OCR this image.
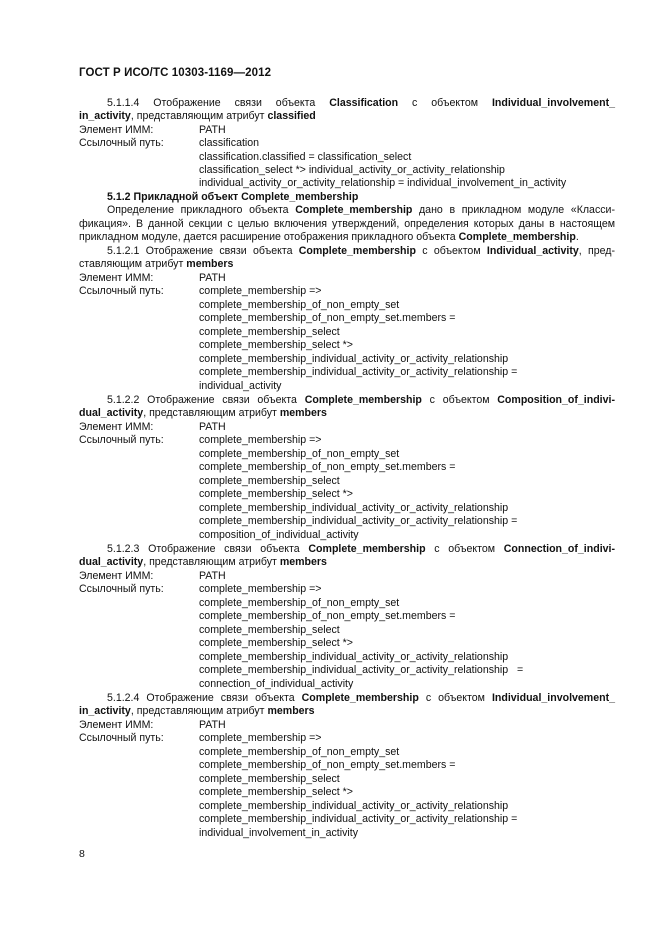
ГОСТ Р ИСО/ТС 10303-1169—2012
5.1.1.4 Отображение связи объекта Classification с объектом Individual_involvement_
in_activity, представляющим атрибут classified
Элемент ИММ:	PATH
Ссылочный путь:	classification
classification.classified = classification_select
classification_select *> individual_activity_or_activity_relationship
individual_activity_or_activity_relationship = individual_involvement_in_activity
5.1.2 Прикладной объект Complete_membership
Определение прикладного объекта Complete_membership дано в прикладном модуле «Класси-
фикация». В данной секции с целью включения утверждений, определения которых даны в настоящем
прикладном модуле, дается расширение отображения прикладного объекта Complete_membership.
5.1.2.1 Отображение связи объекта Complete_membership с объектом Individual_activity, пред-
ставляющим атрибут members
Элемент ИММ:	PATH
Ссылочный путь:	complete_membership =>
complete_membership_of_non_empty_set
complete_membership_of_non_empty_set.members =
complete_membership_select
complete_membership_select *>
complete_membership_individual_activity_or_activity_relationship
complete_membership_individual_activity_or_activity_relationship =
individual_activity
5.1.2.2 Отображение связи объекта Complete_membership с объектом Composition_of_indivi-
dual_activity, представляющим атрибут members
Элемент ИММ:	PATH
Ссылочный путь:	complete_membership =>
complete_membership_of_non_empty_set
complete_membership_of_non_empty_set.members =
complete_membership_select
complete_membership_select *>
complete_membership_individual_activity_or_activity_relationship
complete_membership_individual_activity_or_activity_relationship =
composition_of_individual_activity
5.1.2.3 Отображение связи объекта Complete_membership с объектом Connection_of_indivi-
dual_activity, представляющим атрибут members
Элемент ИММ:	PATH
Ссылочный путь:	complete_membership =>
complete_membership_of_non_empty_set
complete_membership_of_non_empty_set.members =
complete_membership_select
complete_membership_select *>
complete_membership_individual_activity_or_activity_relationship
complete_membership_individual_activity_or_activity_relationship   =
connection_of_individual_activity
5.1.2.4 Отображение связи объекта Complete_membership с объектом Individual_involvement_
in_activity, представляющим атрибут members
Элемент ИММ:	PATH
Ссылочный путь:	complete_membership =>
complete_membership_of_non_empty_set
complete_membership_of_non_empty_set.members =
complete_membership_select
complete_membership_select *>
complete_membership_individual_activity_or_activity_relationship
complete_membership_individual_activity_or_activity_relationship =
individual_involvement_in_activity
8
